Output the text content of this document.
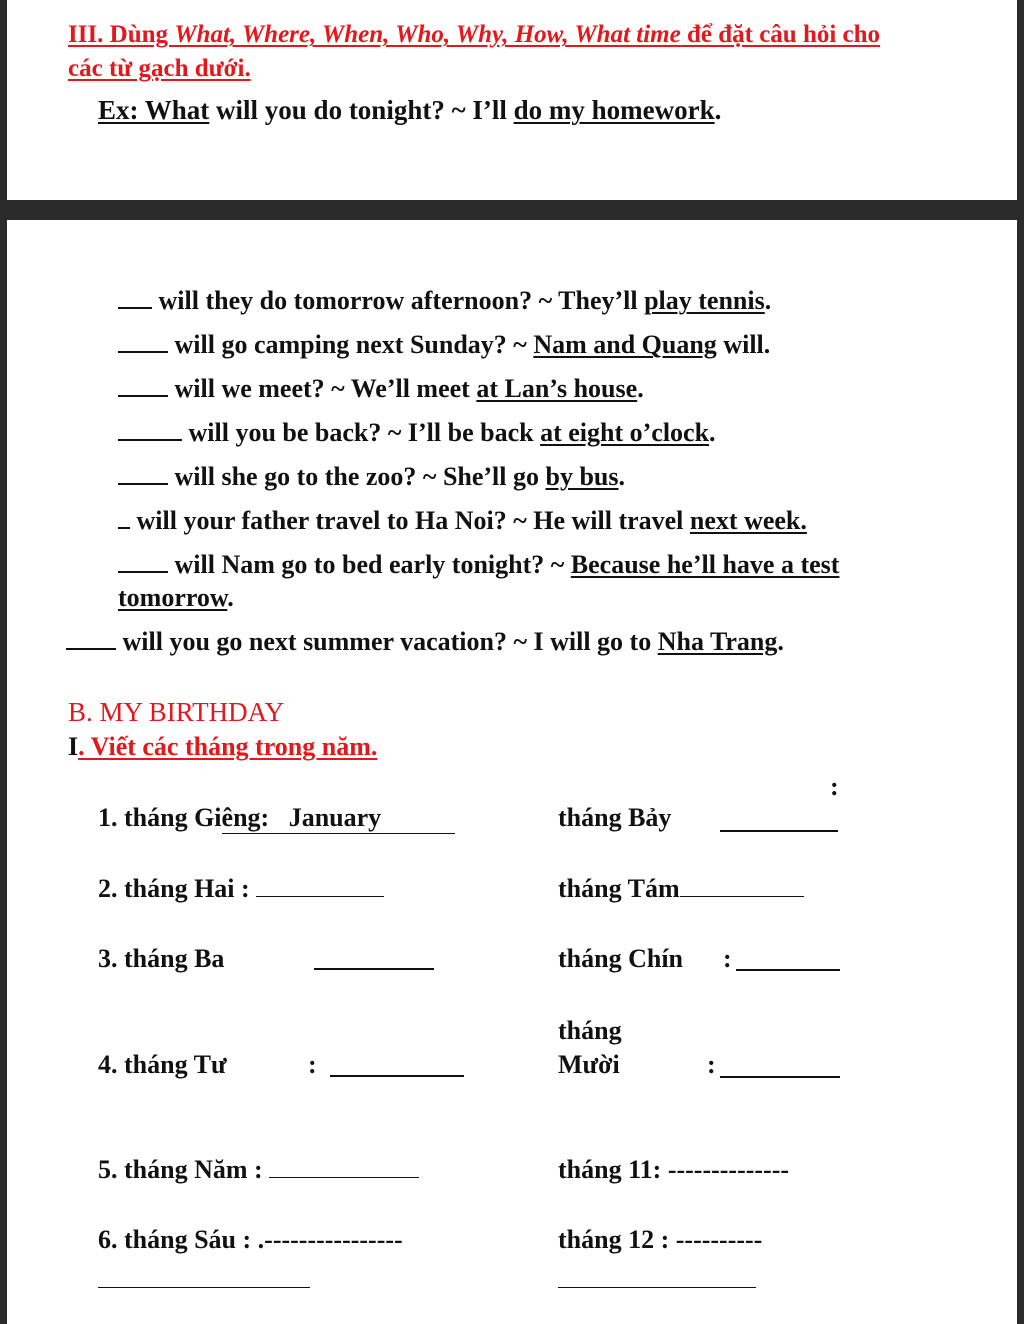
III. Dùng What, Where, When, Who, Why, How, What time để đặt câu hỏi cho
các từ gạch dưới.
Ex: What will you do tonight? ~ I’ll do my homework.
will they do tomorrow afternoon? ~ They’ll play tennis.
will go camping next Sunday? ~ Nam and Quang will.
will we meet? ~ We’ll meet at Lan’s house.
will you be back? ~ I’ll be back at eight o’clock.
will she go to the zoo? ~ She’ll go by bus.
will your father travel to Ha Noi? ~ He will travel next week.
will Nam go to bed early tonight? ~ Because he’ll have a test
tomorrow.
will you go next summer vacation? ~ I will go to Nha Trang.
B. MY BIRTHDAY
I. Viết các tháng trong năm.
:
1. tháng Giêng:   January
2. tháng Hai :
3. tháng Ba
4. tháng Tư	:
5. tháng Năm :
6. tháng Sáu : .----------------
tháng Bảy
tháng Tám
tháng Chín :
tháng
Mười	:
tháng 11: --------------
tháng 12 : ----------
